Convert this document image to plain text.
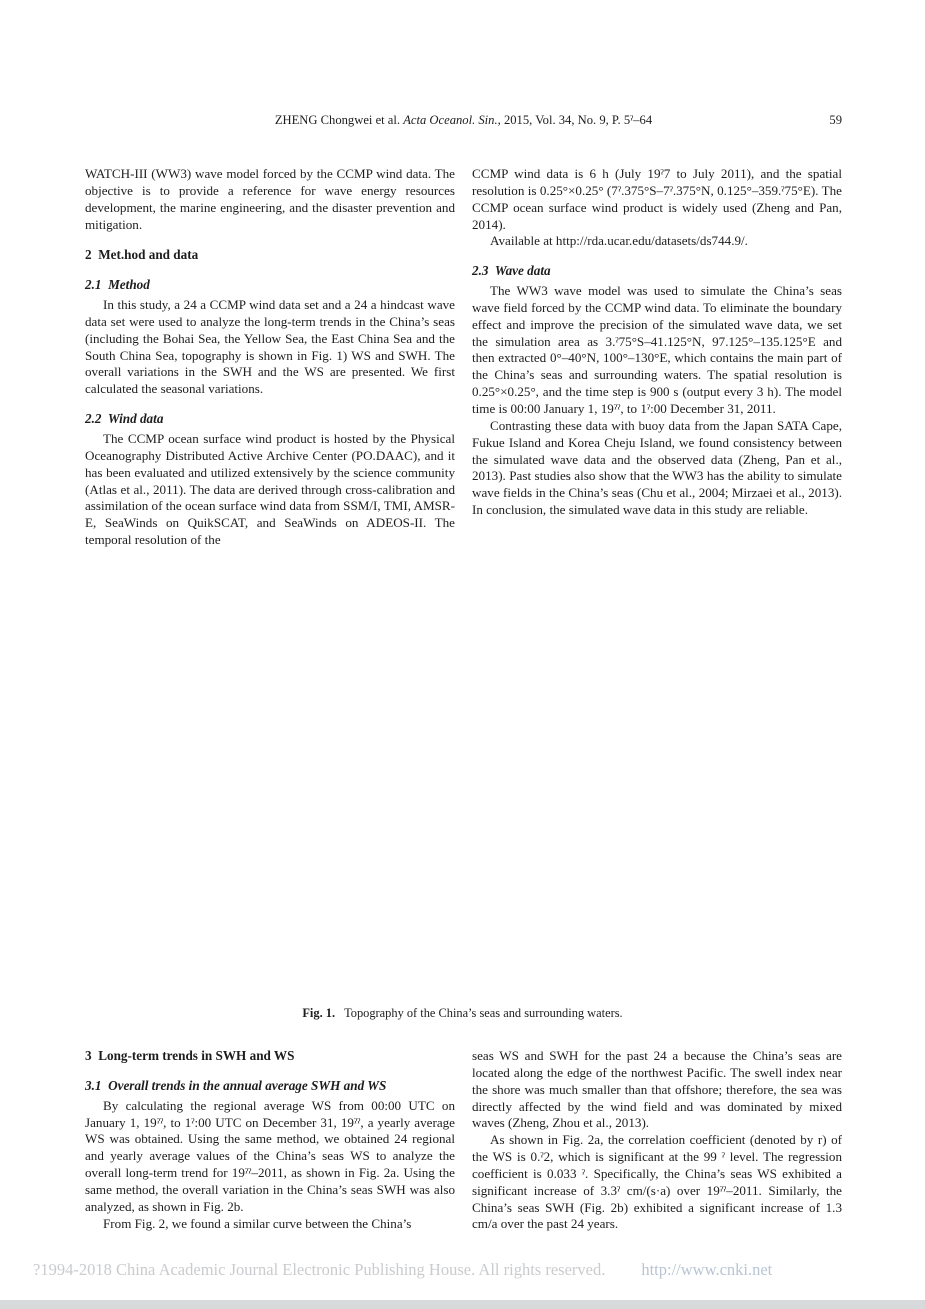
ZHENG Chongwei et al. Acta Oceanol. Sin., 2015, Vol. 34, No. 9, P. 5ˀ–64	59

WATCH-III (WW3) wave model forced by the CCMP wind data. The objective is to provide a reference for wave energy resources development, the marine engineering, and the disaster prevention and mitigation.

2  Met.hod and data
2.1  Method

In this study, a 24 a CCMP wind data set and a 24 a hindcast wave data set were used to analyze the long-term trends in the China’s seas (including the Bohai Sea, the Yellow Sea, the East China Sea and the South China Sea, topography is shown in Fig. 1) WS and SWH. The overall variations in the SWH and the WS are presented. We first calculated the seasonal variations.

2.2  Wind data

The CCMP ocean surface wind product is hosted by the Physical Oceanography Distributed Active Archive Center (PO.DAAC), and it has been evaluated and utilized extensively by the science community (Atlas et al., 2011). The data are derived through cross-calibration and assimilation of the ocean surface wind data from SSM/I, TMI, AMSR-E, SeaWinds on QuikSCAT, and SeaWinds on ADEOS-II. The temporal resolution of the

CCMP wind data is 6 h (July 19ˀ7 to July 2011), and the spatial resolution is 0.25°×0.25° (7ˀ.375°S–7ˀ.375°N, 0.125°–359.ˀ75°E). The CCMP ocean surface wind product is widely used (Zheng and Pan, 2014).

Available at http://rda.ucar.edu/datasets/ds744.9/.

2.3  Wave data

The WW3 wave model was used to simulate the China’s seas wave field forced by the CCMP wind data. To eliminate the boundary effect and improve the precision of the simulated wave data, we set the simulation area as 3.ˀ75°S–41.125°N, 97.125°–135.125°E and then extracted 0°–40°N, 100°–130°E, which contains the main part of the China’s seas and surrounding waters. The spatial resolution is 0.25°×0.25°, and the time step is 900 s (output every 3 h). The model time is 00:00 January 1, 19ˀˀ, to 1ˀ:00 December 31, 2011.

Contrasting these data with buoy data from the Japan SATA Cape, Fukue Island and Korea Cheju Island, we found consistency between the simulated wave data and the observed data (Zheng, Pan et al., 2013). Past studies also show that the WW3 has the ability to simulate wave fields in the China’s seas (Chu et al., 2004; Mirzaei et al., 2013). In conclusion, the simulated wave data in this study are reliable.

Fig. 1. Topography of the China’s seas and surrounding waters.
3  Long-term trends in SWH and WS
3.1  Overall trends in the annual average SWH and WS

By calculating the regional average WS from 00:00 UTC on January 1, 19ˀˀ, to 1ˀ:00 UTC on December 31, 19ˀˀ, a yearly average WS was obtained. Using the same method, we obtained 24 regional and yearly average values of the China’s seas WS to analyze the overall long-term trend for 19ˀˀ–2011, as shown in Fig. 2a. Using the same method, the overall variation in the China’s seas SWH was also analyzed, as shown in Fig. 2b.

From Fig. 2, we found a similar curve between the China’s

seas WS and SWH for the past 24 a because the China’s seas are located along the edge of the northwest Pacific. The swell index near the shore was much smaller than that offshore; therefore, the sea was directly affected by the wind field and was dominated by mixed waves (Zheng, Zhou et al., 2013).

As shown in Fig. 2a, the correlation coefficient (denoted by r) of the WS is 0.ˀ2, which is significant at the 99 ˀ level. The regression coefficient is 0.033 ˀ. Specifically, the China’s seas WS exhibited a significant increase of 3.3ˀ cm/(s·a) over 19ˀˀ–2011. Similarly, the China’s seas SWH (Fig. 2b) exhibited a significant increase of 1.3 cm/a over the past 24 years.

?1994-2018 China Academic Journal Electronic Publishing House. All rights reserved. http://www.cnki.net
